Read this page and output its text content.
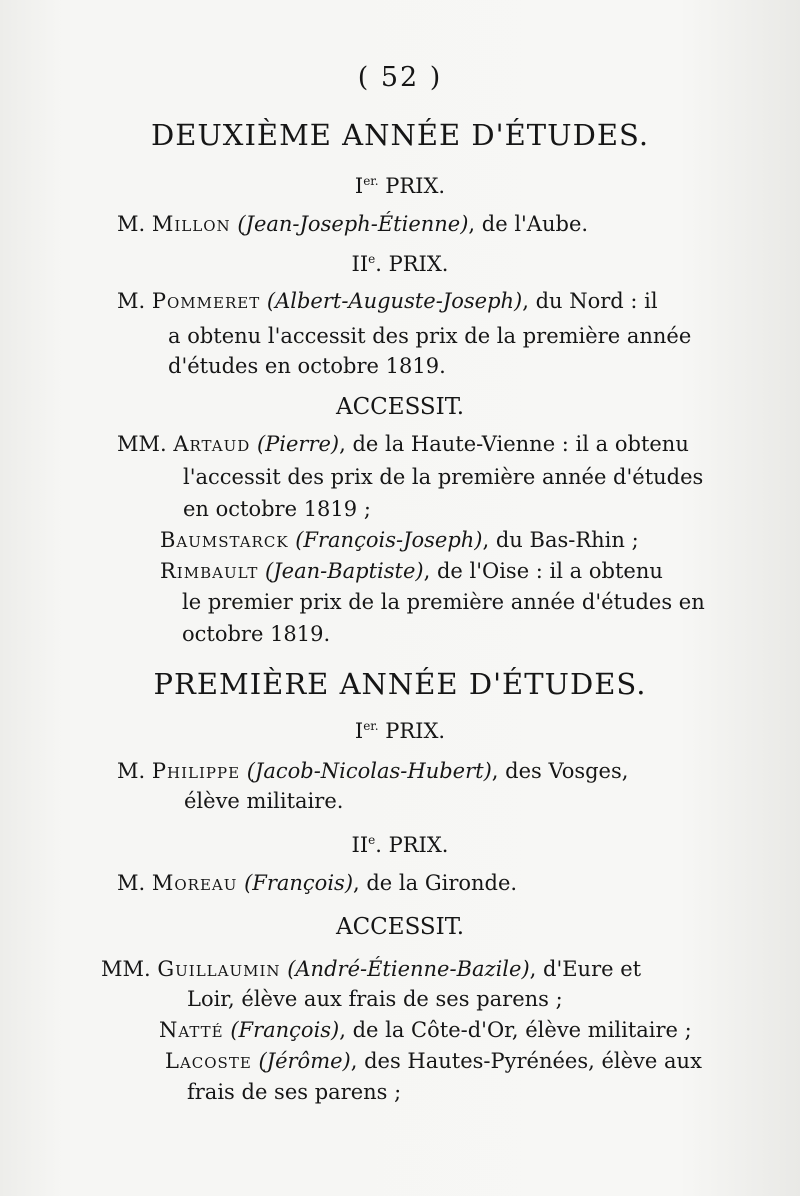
( 52 )
DEUXIÈME ANNÉE D'ÉTUDES.
$I^{er.}$ PRIX.
M. Millon (Jean-Joseph-Étienne), de l'Aube.
IIe. PRIX.
M. Pommeret (Albert-Auguste-Joseph), du Nord : il
a obtenu l'accessit des prix de la première année
d'études en octobre 1819.
ACCESSIT.
MM. Artaud (Pierre), de la Haute-Vienne : il a obtenu
l'accessit des prix de la première année d'études
en octobre 1819 ;
Baumstarck (François-Joseph), du Bas-Rhin ;
Rimbault (Jean-Baptiste), de l'Oise : il a obtenu
le premier prix de la première année d'études en
octobre 1819.
PREMIÈRE ANNÉE D'ÉTUDES.
$I^{er.}$ PRIX.
M. Philippe (Jacob-Nicolas-Hubert), des Vosges,
élève militaire.
IIe. PRIX.
M. Moreau (François), de la Gironde.
ACCESSIT.
MM. Guillaumin (André-Étienne-Bazile), d'Eure et
Loir, élève aux frais de ses parens ;
Natté (François), de la Côte-d'Or, élève militaire ;
Lacoste (Jérôme), des Hautes-Pyrénées, élève aux
frais de ses parens ;
